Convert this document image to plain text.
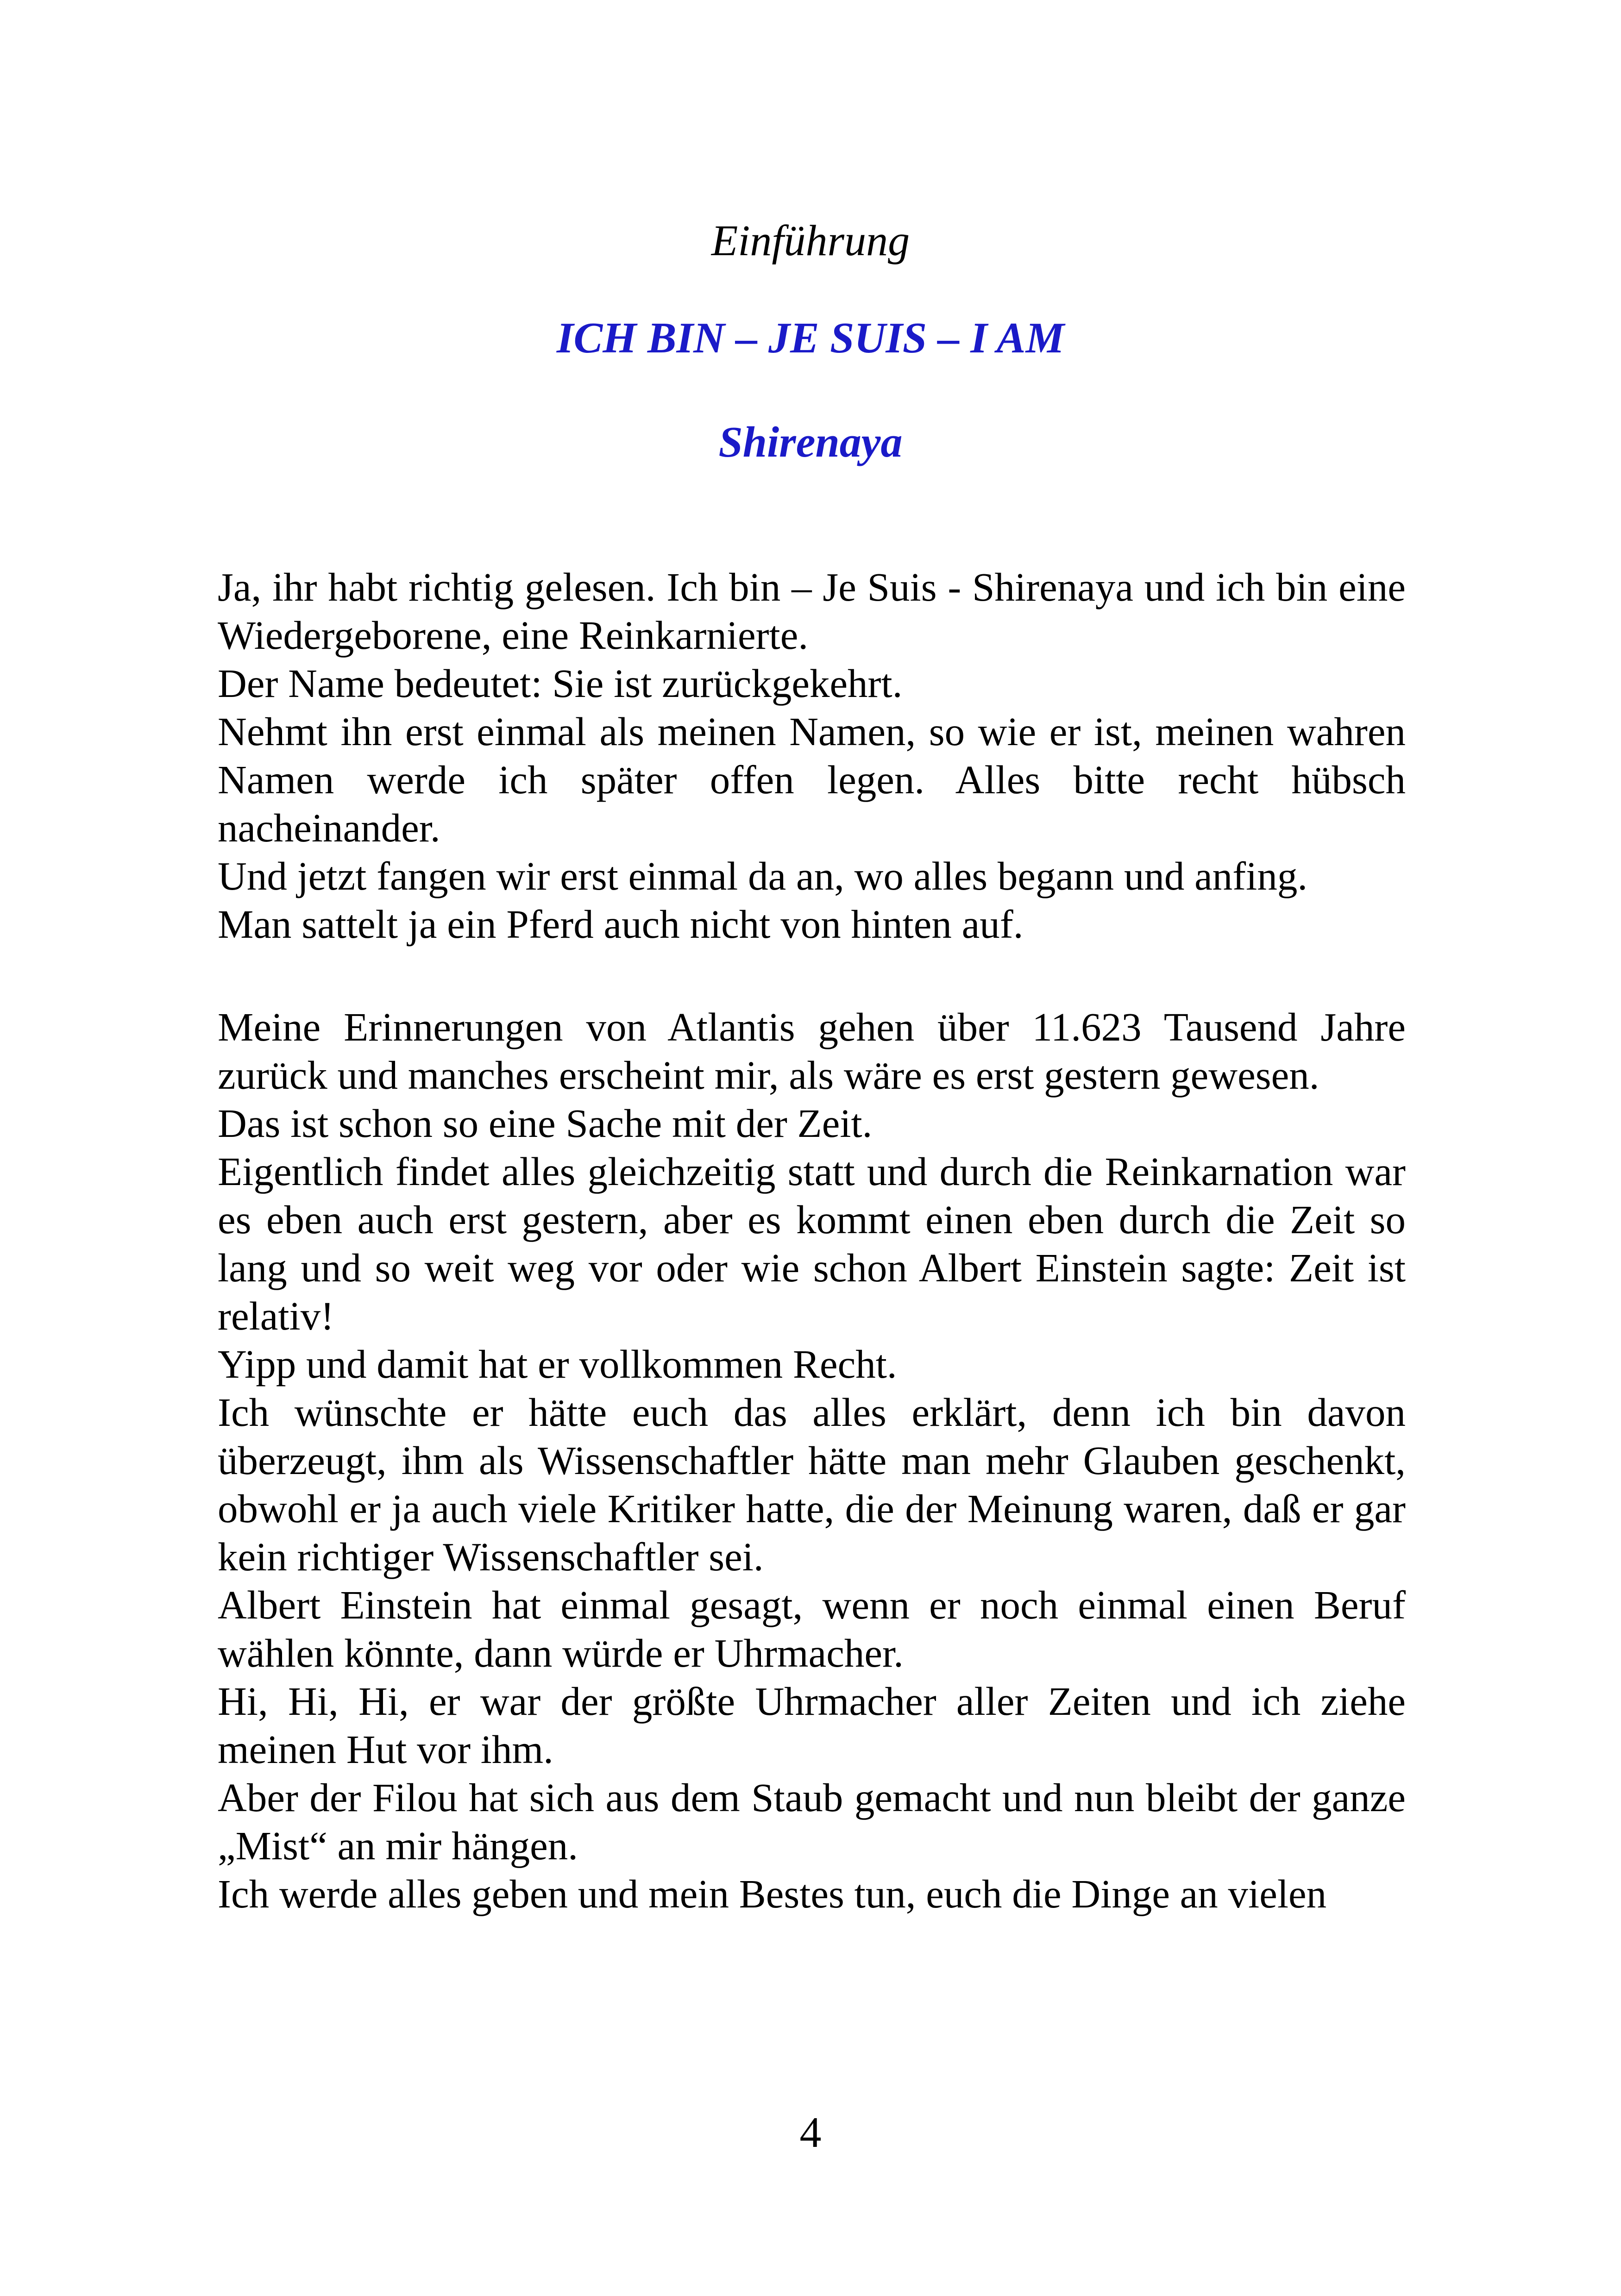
Einführung
ICH BIN – JE SUIS – I AM
Shirenaya

Ja, ihr habt richtig gelesen. Ich bin – Je Suis - Shirenaya und ich bin eine Wiedergeborene, eine Reinkarnierte.

Der Name bedeutet: Sie ist zurückgekehrt.

Nehmt ihn erst einmal als meinen Namen, so wie er ist, meinen wahren Namen werde ich später offen legen. Alles bitte recht hübsch nacheinander.

Und jetzt fangen wir erst einmal da an, wo alles begann und anfing.

Man sattelt ja ein Pferd auch nicht von hinten auf.

Meine Erinnerungen von Atlantis gehen über 11.623 Tausend Jahre zurück und manches erscheint mir, als wäre es erst gestern gewesen.

Das ist schon so eine Sache mit der Zeit.

Eigentlich findet alles gleichzeitig statt und durch die Reinkarnation war es eben auch erst gestern, aber es kommt einen eben durch die Zeit so lang und so weit weg vor oder wie schon Albert Einstein sagte: Zeit ist relativ!

Yipp und damit hat er vollkommen Recht.

Ich wünschte er hätte euch das alles erklärt, denn ich bin davon überzeugt, ihm als Wissenschaftler hätte man mehr Glauben geschenkt, obwohl er ja auch viele Kritiker hatte, die der Meinung waren, daß er gar kein richtiger Wissenschaftler sei.

Albert Einstein hat einmal gesagt, wenn er noch einmal einen Beruf wählen könnte, dann würde er Uhrmacher.

Hi, Hi, Hi, er war der größte Uhrmacher aller Zeiten und ich ziehe meinen Hut vor ihm.

Aber der Filou hat sich aus dem Staub gemacht und nun bleibt der ganze „Mist“ an mir hängen.

Ich werde alles geben und mein Bestes tun, euch die Dinge an vielen

4
